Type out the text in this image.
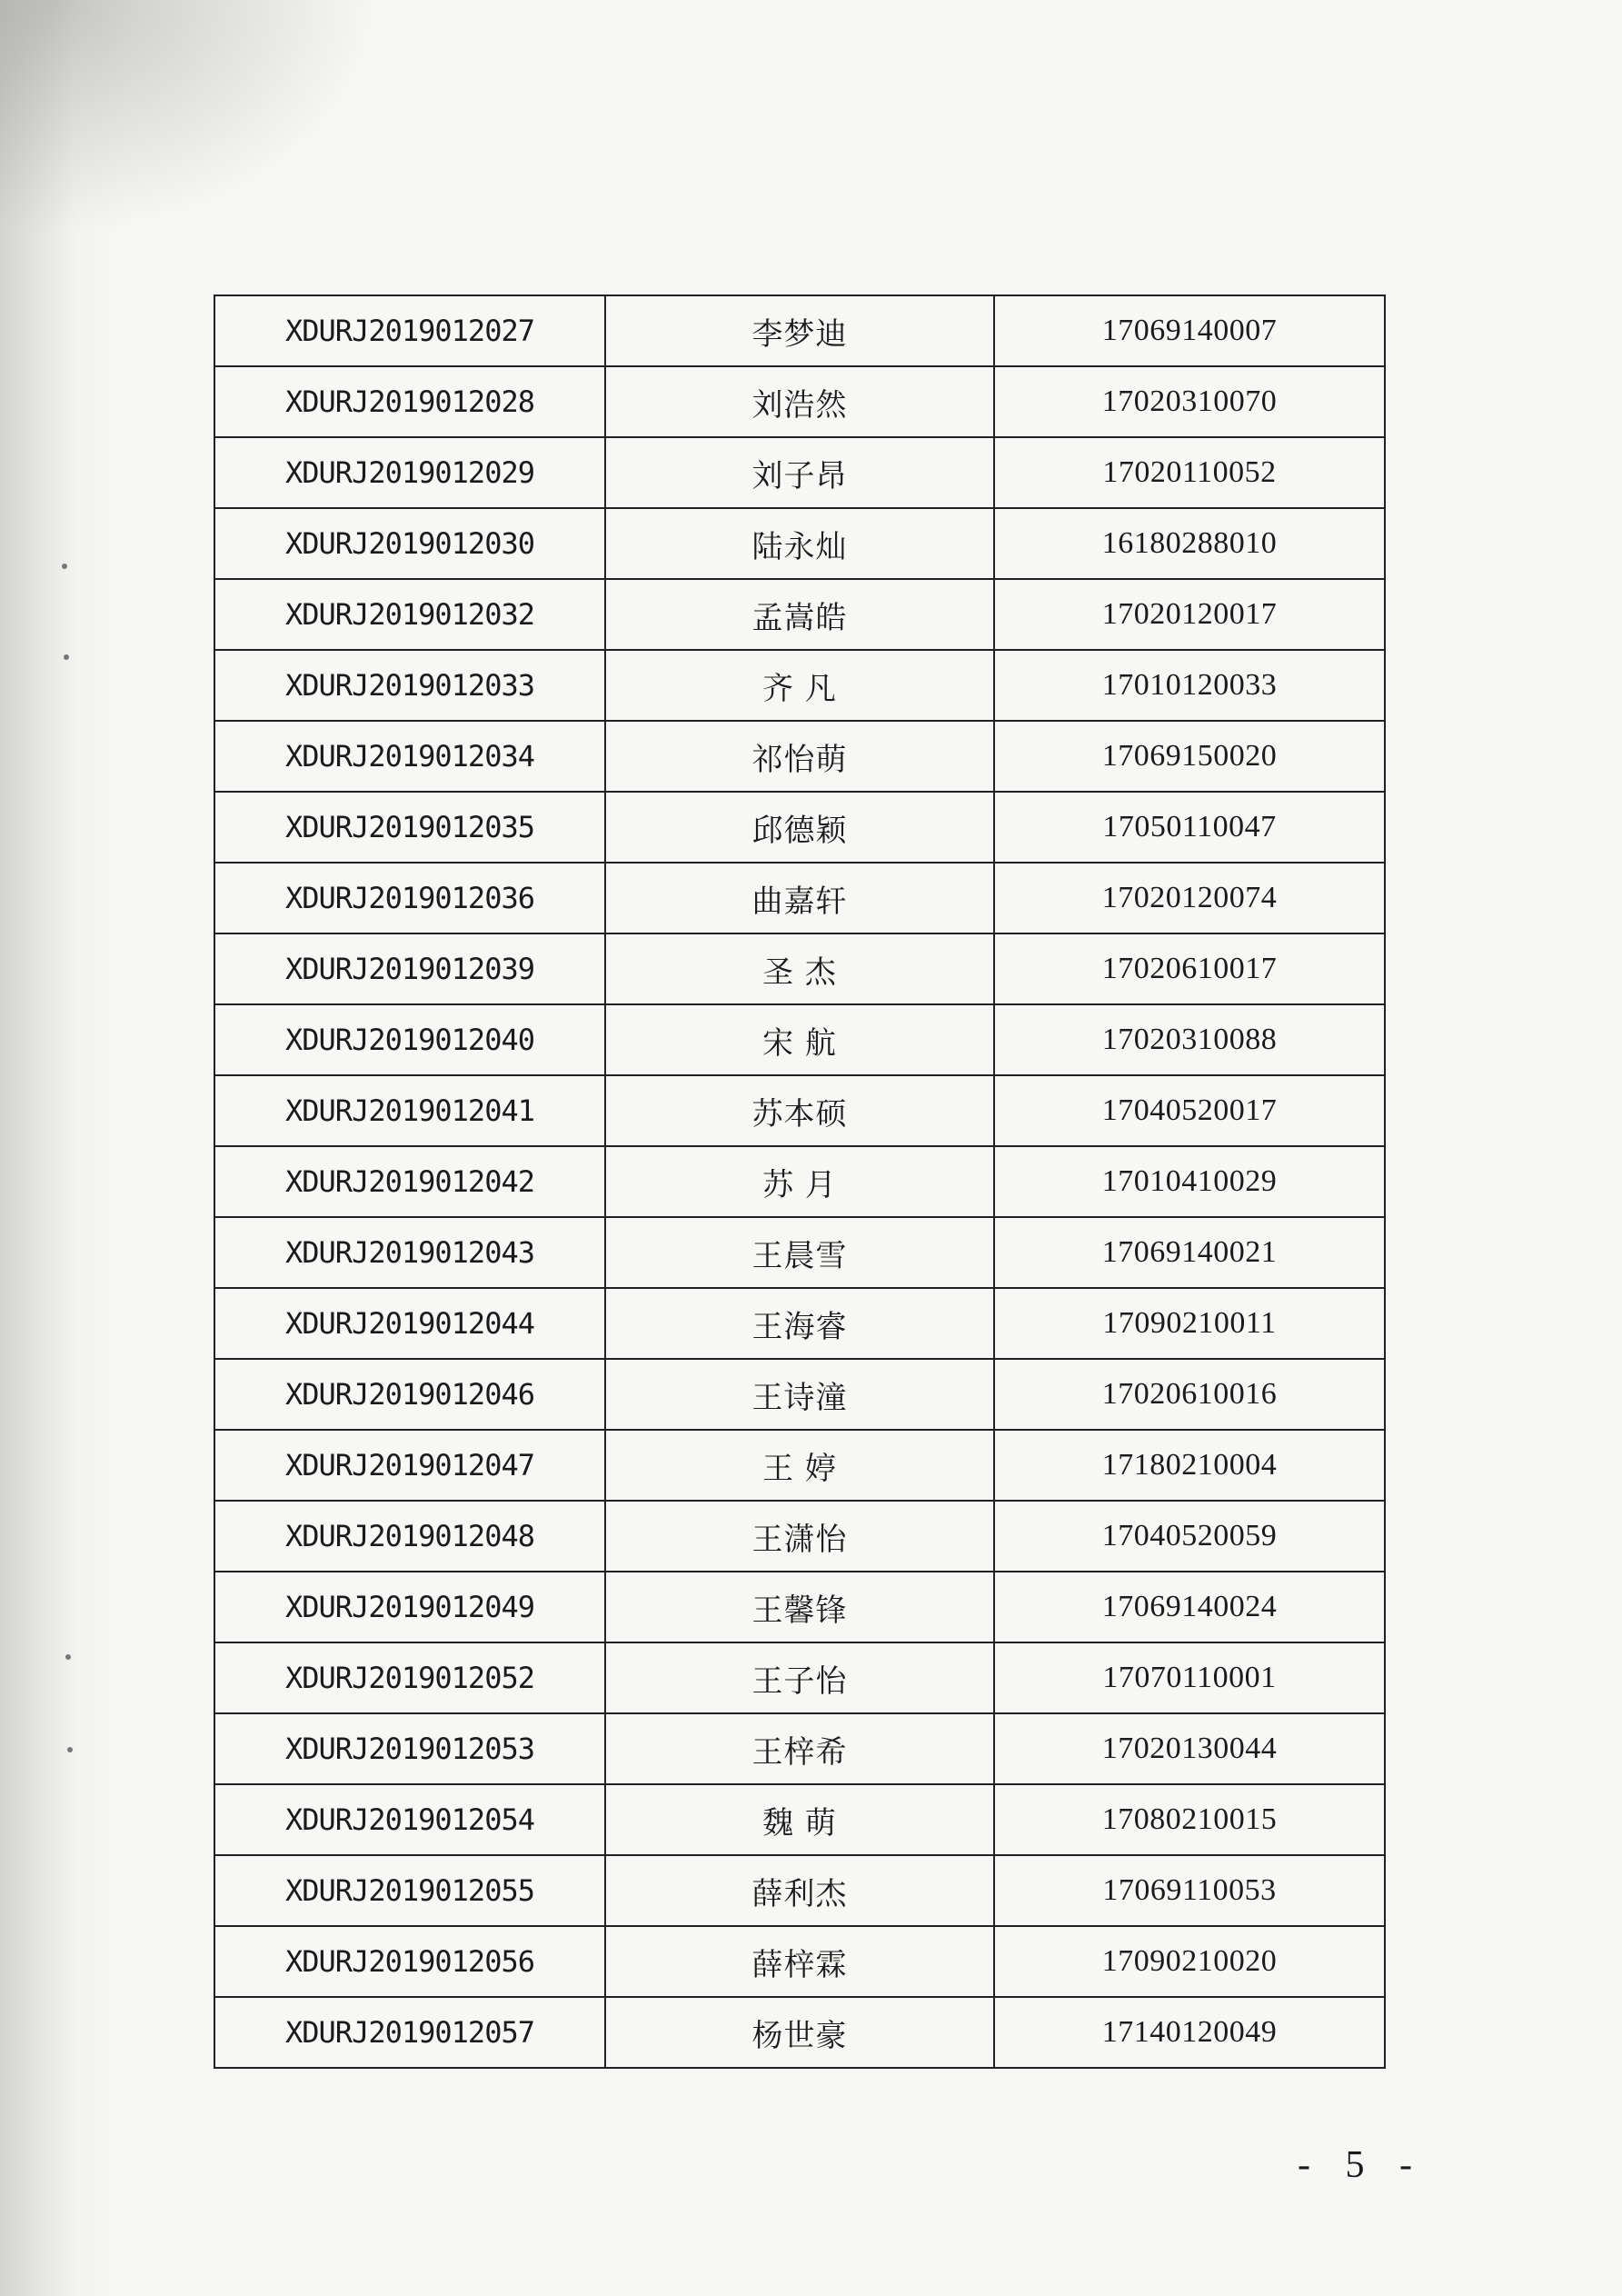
XDURJ2019012027	李梦迪	17069140007
XDURJ2019012028	刘浩然	17020310070
XDURJ2019012029	刘子昂	17020110052
XDURJ2019012030	陆永灿	16180288010
XDURJ2019012032	孟嵩皓	17020120017
XDURJ2019012033	齐 凡	17010120033
XDURJ2019012034	祁怡萌	17069150020
XDURJ2019012035	邱德颖	17050110047
XDURJ2019012036	曲嘉轩	17020120074
XDURJ2019012039	圣 杰	17020610017
XDURJ2019012040	宋 航	17020310088
XDURJ2019012041	苏本硕	17040520017
XDURJ2019012042	苏 月	17010410029
XDURJ2019012043	王晨雪	17069140021
XDURJ2019012044	王海睿	17090210011
XDURJ2019012046	王诗潼	17020610016
XDURJ2019012047	王 婷	17180210004
XDURJ2019012048	王潇怡	17040520059
XDURJ2019012049	王馨锋	17069140024
XDURJ2019012052	王子怡	17070110001
XDURJ2019012053	王梓希	17020130044
XDURJ2019012054	魏 萌	17080210015
XDURJ2019012055	薛利杰	17069110053
XDURJ2019012056	薛梓霖	17090210020
XDURJ2019012057	杨世豪	17140120049
- 5 -
